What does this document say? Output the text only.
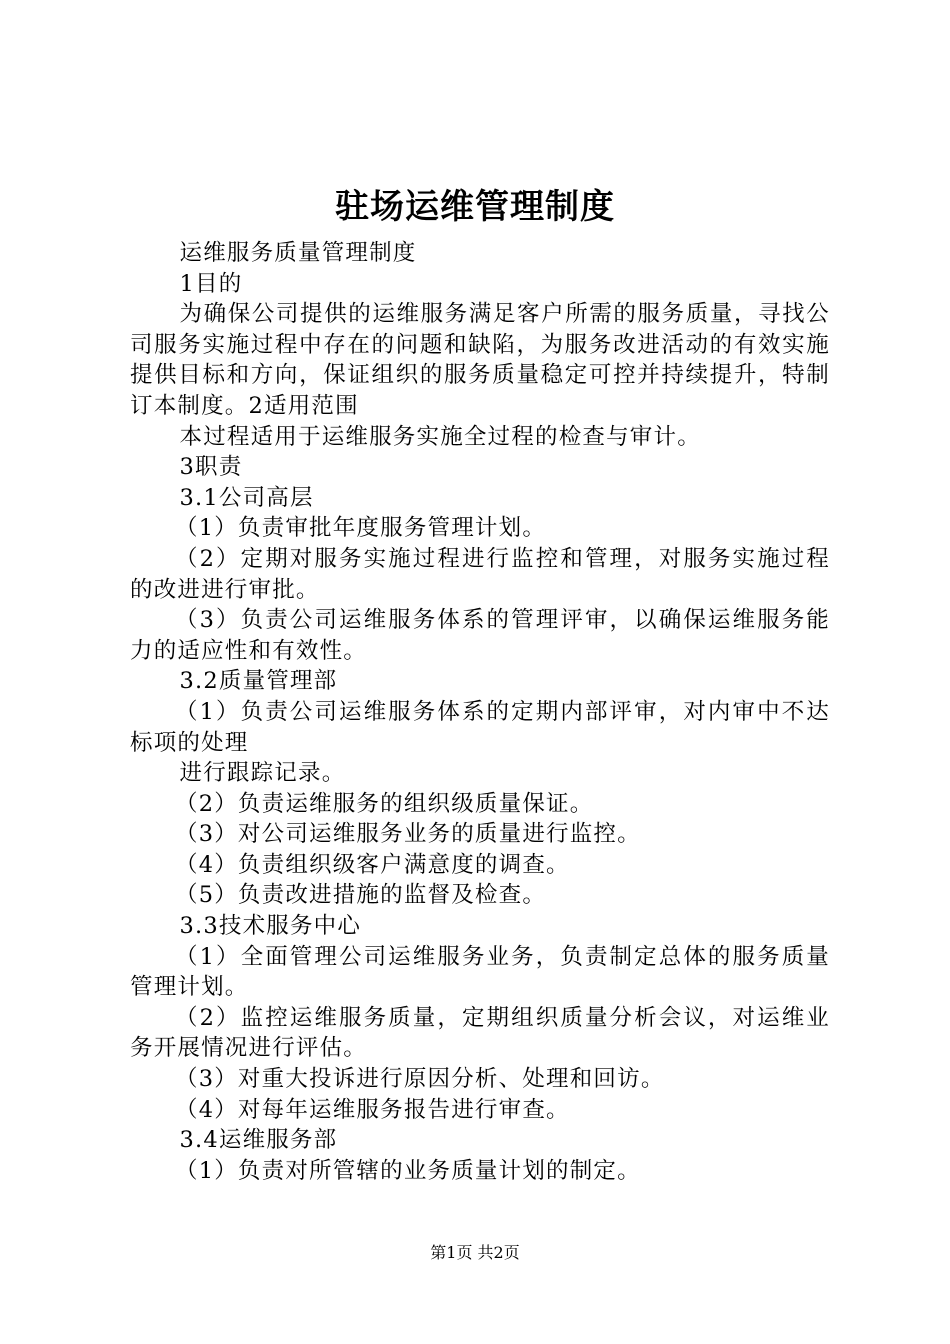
驻场运维管理制度

运维服务质量管理制度

1目的

为确保公司提供的运维服务满足客户所需的服务质量，寻找公司服务实施过程中存在的问题和缺陷，为服务改进活动的有效实施提供目标和方向，保证组织的服务质量稳定可控并持续提升，特制订本制度。2适用范围

本过程适用于运维服务实施全过程的检查与审计。

3职责

3.1公司高层

（1）负责审批年度服务管理计划。

（2）定期对服务实施过程进行监控和管理，对服务实施过程的改进进行审批。

（3）负责公司运维服务体系的管理评审，以确保运维服务能力的适应性和有效性。

3.2质量管理部

（1）负责公司运维服务体系的定期内部评审，对内审中不达标项的处理

进行跟踪记录。

（2）负责运维服务的组织级质量保证。

（3）对公司运维服务业务的质量进行监控。

（4）负责组织级客户满意度的调查。

（5）负责改进措施的监督及检查。

3.3技术服务中心

（1）全面管理公司运维服务业务，负责制定总体的服务质量管理计划。

（2）监控运维服务质量，定期组织质量分析会议，对运维业务开展情况进行评估。

（3）对重大投诉进行原因分析、处理和回访。

（4）对每年运维服务报告进行审查。

3.4运维服务部

（1）负责对所管辖的业务质量计划的制定。

第1页 共2页
